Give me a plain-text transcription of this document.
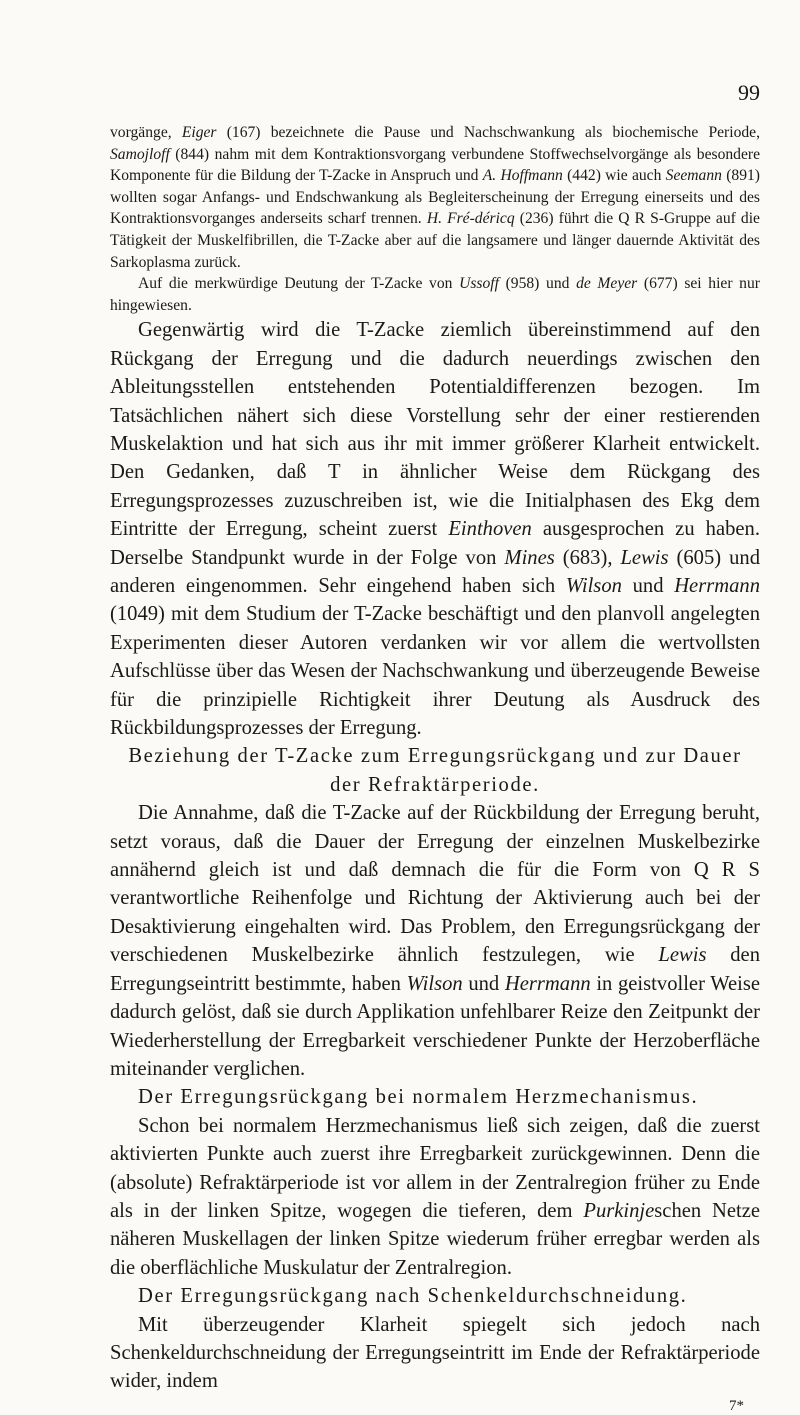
99

vorgänge, Eiger (167) bezeichnete die Pause und Nachschwankung als biochemische Periode, Samojloff (844) nahm mit dem Kontraktionsvorgang verbundene Stoffwechselvorgänge als besondere Komponente für die Bildung der T-Zacke in Anspruch und A. Hoffmann (442) wie auch Seemann (891) wollten sogar Anfangs- und Endschwankung als Begleiterscheinung der Erregung einerseits und des Kontraktionsvorganges anderseits scharf trennen. H. Fré-déricq (236) führt die Q R S-Gruppe auf die Tätigkeit der Muskelfibrillen, die T-Zacke aber auf die langsamere und länger dauernde Aktivität des Sarkoplasma zurück.

Auf die merkwürdige Deutung der T-Zacke von Ussoff (958) und de Meyer (677) sei hier nur hingewiesen.

Gegenwärtig wird die T-Zacke ziemlich übereinstimmend auf den Rückgang der Erregung und die dadurch neuerdings zwischen den Ableitungsstellen entstehenden Potentialdifferenzen bezogen. Im Tatsächlichen nähert sich diese Vorstellung sehr der einer restierenden Muskelaktion und hat sich aus ihr mit immer größerer Klarheit entwickelt. Den Gedanken, daß T in ähnlicher Weise dem Rückgang des Erregungsprozesses zuzuschreiben ist, wie die Initialphasen des Ekg dem Eintritte der Erregung, scheint zuerst Einthoven ausgesprochen zu haben. Derselbe Standpunkt wurde in der Folge von Mines (683), Lewis (605) und anderen eingenommen. Sehr eingehend haben sich Wilson und Herrmann (1049) mit dem Studium der T-Zacke beschäftigt und den planvoll angelegten Experimenten dieser Autoren verdanken wir vor allem die wertvollsten Aufschlüsse über das Wesen der Nachschwankung und überzeugende Beweise für die prinzipielle Richtigkeit ihrer Deutung als Ausdruck des Rückbildungsprozesses der Erregung.

Beziehung der T-Zacke zum Erregungsrückgang und zur Dauer der Refraktärperiode.

Die Annahme, daß die T-Zacke auf der Rückbildung der Erregung beruht, setzt voraus, daß die Dauer der Erregung der einzelnen Muskelbezirke annähernd gleich ist und daß demnach die für die Form von Q R S verantwortliche Reihenfolge und Richtung der Aktivierung auch bei der Desaktivierung eingehalten wird. Das Problem, den Erregungsrückgang der verschiedenen Muskelbezirke ähnlich festzulegen, wie Lewis den Erregungseintritt bestimmte, haben Wilson und Herrmann in geistvoller Weise dadurch gelöst, daß sie durch Applikation unfehlbarer Reize den Zeitpunkt der Wiederherstellung der Erregbarkeit verschiedener Punkte der Herzoberfläche miteinander verglichen.

Der Erregungsrückgang bei normalem Herzmechanismus.

Schon bei normalem Herzmechanismus ließ sich zeigen, daß die zuerst aktivierten Punkte auch zuerst ihre Erregbarkeit zurückgewinnen. Denn die (absolute) Refraktärperiode ist vor allem in der Zentralregion früher zu Ende als in der linken Spitze, wogegen die tieferen, dem Purkinjeschen Netze näheren Muskellagen der linken Spitze wiederum früher erregbar werden als die oberflächliche Muskulatur der Zentralregion.

Der Erregungsrückgang nach Schenkeldurchschneidung.

Mit überzeugender Klarheit spiegelt sich jedoch nach Schenkeldurchschneidung der Erregungseintritt im Ende der Refraktärperiode wider, indem

7*
